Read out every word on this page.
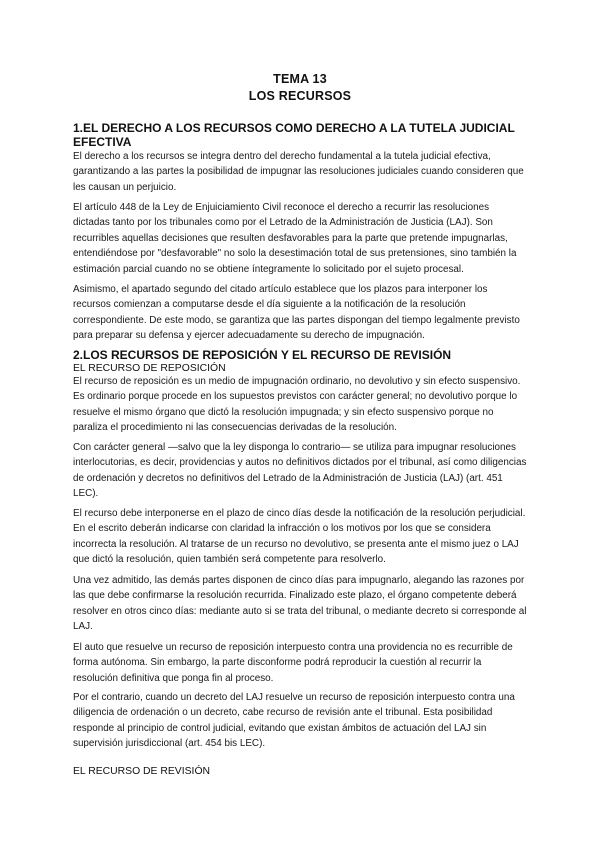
TEMA 13
LOS RECURSOS
1.EL DERECHO A LOS RECURSOS COMO DERECHO A LA TUTELA JUDICIAL EFECTIVA
El derecho a los recursos se integra dentro del derecho fundamental a la tutela judicial efectiva, garantizando a las partes la posibilidad de impugnar las resoluciones judiciales cuando consideren que les causan un perjuicio.
El artículo 448 de la Ley de Enjuiciamiento Civil reconoce el derecho a recurrir las resoluciones dictadas tanto por los tribunales como por el Letrado de la Administración de Justicia (LAJ). Son recurribles aquellas decisiones que resulten desfavorables para la parte que pretende impugnarlas, entendiéndose por "desfavorable" no solo la desestimación total de sus pretensiones, sino también la estimación parcial cuando no se obtiene íntegramente lo solicitado por el sujeto procesal.
Asimismo, el apartado segundo del citado artículo establece que los plazos para interponer los recursos comienzan a computarse desde el día siguiente a la notificación de la resolución correspondiente. De este modo, se garantiza que las partes dispongan del tiempo legalmente previsto para preparar su defensa y ejercer adecuadamente su derecho de impugnación.
2.LOS RECURSOS DE REPOSICIÓN Y EL RECURSO DE REVISIÓN
EL RECURSO DE REPOSICIÓN
El recurso de reposición es un medio de impugnación ordinario, no devolutivo y sin efecto suspensivo. Es ordinario porque procede en los supuestos previstos con carácter general; no devolutivo porque lo resuelve el mismo órgano que dictó la resolución impugnada; y sin efecto suspensivo porque no paraliza el procedimiento ni las consecuencias derivadas de la resolución.
Con carácter general —salvo que la ley disponga lo contrario— se utiliza para impugnar resoluciones interlocutorias, es decir, providencias y autos no definitivos dictados por el tribunal, así como diligencias de ordenación y decretos no definitivos del Letrado de la Administración de Justicia (LAJ) (art. 451 LEC).
El recurso debe interponerse en el plazo de cinco días desde la notificación de la resolución perjudicial. En el escrito deberán indicarse con claridad la infracción o los motivos por los que se considera incorrecta la resolución. Al tratarse de un recurso no devolutivo, se presenta ante el mismo juez o LAJ que dictó la resolución, quien también será competente para resolverlo.
Una vez admitido, las demás partes disponen de cinco días para impugnarlo, alegando las razones por las que debe confirmarse la resolución recurrida. Finalizado este plazo, el órgano competente deberá resolver en otros cinco días: mediante auto si se trata del tribunal, o mediante decreto si corresponde al LAJ.
El auto que resuelve un recurso de reposición interpuesto contra una providencia no es recurrible de forma autónoma. Sin embargo, la parte disconforme podrá reproducir la cuestión al recurrir la resolución definitiva que ponga fin al proceso.
Por el contrario, cuando un decreto del LAJ resuelve un recurso de reposición interpuesto contra una diligencia de ordenación o un decreto, cabe recurso de revisión ante el tribunal. Esta posibilidad responde al principio de control judicial, evitando que existan ámbitos de actuación del LAJ sin supervisión jurisdiccional (art. 454 bis LEC).
EL RECURSO DE REVISIÓN
